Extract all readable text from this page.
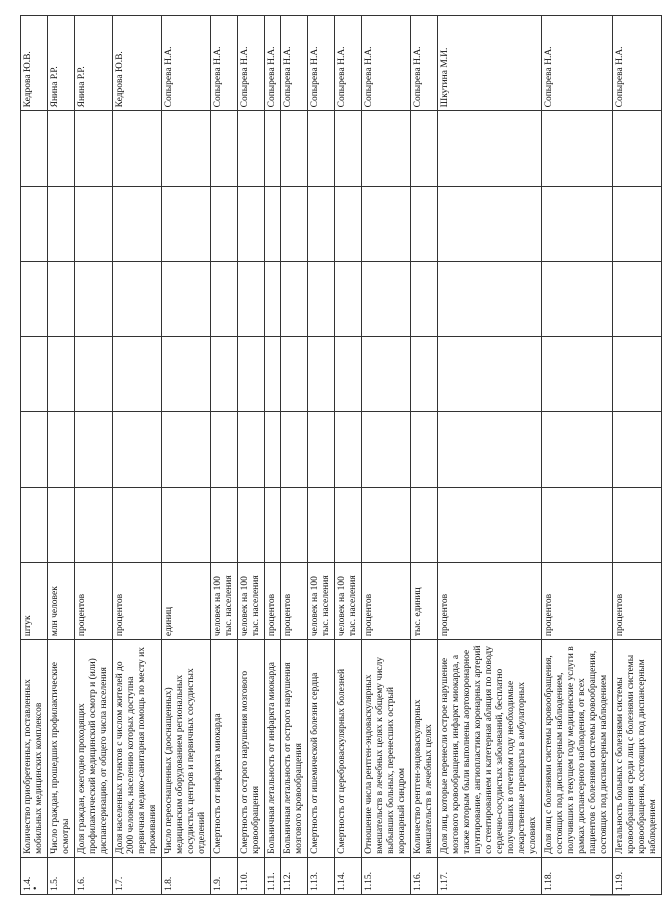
1.4.	Количество приобретенных, поставленных мобильных медицинских комплексов	штук							Кедрова Ю.В.
1.5.	Число граждан, прошедших профилактические осмотры	млн человек							Янина Р.Р.
1.6.	Доля граждан, ежегодно проходящих профилактический медицинский осмотр и (или) диспансеризацию, от общего числа населения	процентов							Янина Р.Р.
1.7.	Доля населенных пунктов с числом жителей до 2000 человек, населению которых доступна первичная медико-санитарная помощь по месту их проживания	процентов							Кедрова Ю.В.
1.8.	Число переоснащенных (дооснащенных) медицинским оборудованием региональных сосудистых центров и первичных сосудистых отделений	единиц							Сопырева Н.А.
1.9.	Смертность от инфаркта миокарда	человек на 100 тыс. населения							Сопырева Н.А.
1.10.	Смертность от острого нарушения мозгового кровообращения	человек на 100 тыс. населения							Сопырева Н.А.
1.11.	Больничная летальность от инфаркта миокарда	процентов							Сопырева Н.А.
1.12.	Больничная летальность от острого нарушения мозгового кровообращения	процентов							Сопырева Н.А.
1.13.	Смертность от ишемической болезни сердца	человек на 100 тыс. населения							Сопырева Н.А.
1.14.	Смертность от цереброваскулярных болезней	человек на 100 тыс. населения							Сопырева Н.А.
1.15.	Отношение числа рентген-эндоваскулярных вмешательств в лечебных целях к общему числу выбывших больных, перенесших острый коронарный синдром	процентов							Сопырева Н.А.
1.16.	Количество рентген-эндоваскулярных вмешательств в лечебных целях	тыс. единиц							Сопырева Н.А.
1.17.	Доля лиц, которые перенесли острое нарушение мозгового кровообращения, инфаркт миокарда, а также которым были выполнены аортокоронарное шунтирование, ангиопластика коронарных артерий со стентированием и катетерная абляция по поводу сердечно-сосудистых заболеваний, бесплатно получавших в отчетном году необходимые лекарственные препараты в амбулаторных условиях	процентов							Шкутина М.И.
1.18.	Доля лиц с болезнями системы кровообращения, состоящих под диспансерным наблюдением, получивших в текущем году медицинские услуги в рамках диспансерного наблюдения, от всех пациентов с болезнями системы кровообращения, состоящих под диспансерным наблюдением	процентов							Сопырева Н.А.
1.19.	Летальность больных с болезнями системы кровообращения среди лиц с болезнями системы кровообращения, состоящих под диспансерным наблюдением	процентов							Сопырева Н.А.
•
